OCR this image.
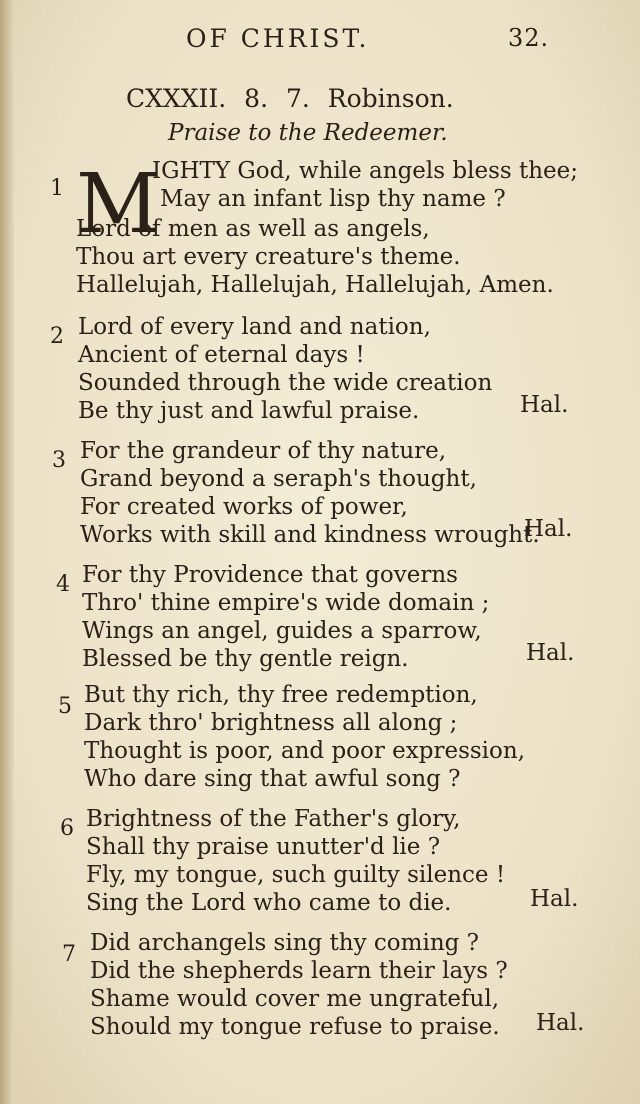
OF CHRIST.	32.
CXXXII. 8. 7. Robinson.
Praise to the Redeemer.
1 M
IGHTY God, while angels bless thee;
May an infant lisp thy name ?
Lord of men as well as angels,
Thou art every creature's theme.
Hallelujah, Hallelujah, Hallelujah, Amen.
2 Lord of every land and nation,
Ancient of eternal days !
Sounded through the wide creation
Be thy just and lawful praise.	Hal.
3 For the grandeur of thy nature,
Grand beyond a seraph's thought,
For created works of power,
Works with skill and kindness wrought.
Hal.
4 For thy Providence that governs
Thro' thine empire's wide domain ;
Wings an angel, guides a sparrow,
Blessed be thy gentle reign.	Hal.
5 But thy rich, thy free redemption,
Dark thro' brightness all along ;
Thought is poor, and poor expression,
Who dare sing that awful song ?
6 Brightness of the Father's glory,
Shall thy praise unutter'd lie ?
Fly, my tongue, such guilty silence !
Sing the Lord who came to die.	Hal.
7 Did archangels sing thy coming ?
Did the shepherds learn their lays ?
Shame would cover me ungrateful,
Should my tongue refuse to praise. Hal.
